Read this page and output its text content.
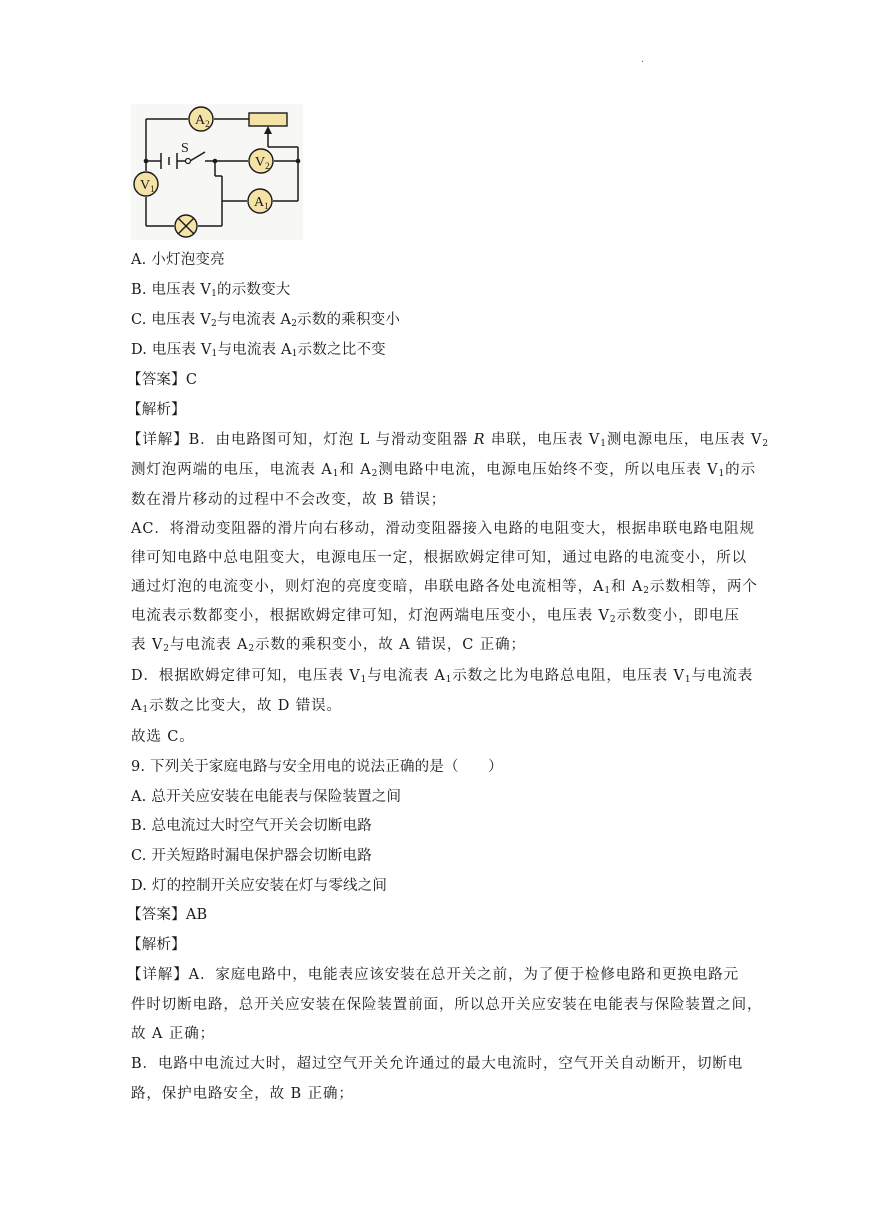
.
$A_2$
$V_1$
$V_2$
$A_1$
S
A. 小灯泡变亮
B. 电压表 $V_1$的示数变大
C. 电压表 $V_2$与电流表 $A_2$示数的乘积变小
D. 电压表 $V_1$与电流表 $A_1$示数之比不变
【答案】C
【解析】
【详解】B．由电路图可知，灯泡 L 与滑动变阻器 R 串联，电压表 $V_1$测电源电压，电压表 $V_2$
测灯泡两端的电压，电流表 $A_1$和 $A_2$测电路中电流，电源电压始终不变，所以电压表 $V_1$的示
数在滑片移动的过程中不会改变，故 B 错误；
AC．将滑动变阻器的滑片向右移动，滑动变阻器接入电路的电阻变大，根据串联电路电阻规
律可知电路中总电阻变大，电源电压一定，根据欧姆定律可知，通过电路的电流变小，所以
通过灯泡的电流变小，则灯泡的亮度变暗，串联电路各处电流相等，$A_1$和 $A_2$示数相等，两个
电流表示数都变小，根据欧姆定律可知，灯泡两端电压变小，电压表 $V_2$示数变小，即电压
表 $V_2$与电流表 $A_2$示数的乘积变小，故 A 错误，C 正确；
D．根据欧姆定律可知，电压表 $V_1$与电流表 $A_1$示数之比为电路总电阻，电压表 $V_1$与电流表
$A_1$示数之比变大，故 D 错误。
故选 C。
9. 下列关于家庭电路与安全用电的说法正确的是（　　）
A. 总开关应安装在电能表与保险装置之间
B. 总电流过大时空气开关会切断电路
C. 开关短路时漏电保护器会切断电路
D. 灯的控制开关应安装在灯与零线之间
【答案】AB
【解析】
【详解】A．家庭电路中，电能表应该安装在总开关之前，为了便于检修电路和更换电路元
件时切断电路，总开关应安装在保险装置前面，所以总开关应安装在电能表与保险装置之间，
故 A 正确；
B．电路中电流过大时，超过空气开关允许通过的最大电流时，空气开关自动断开，切断电
路，保护电路安全，故 B 正确；
